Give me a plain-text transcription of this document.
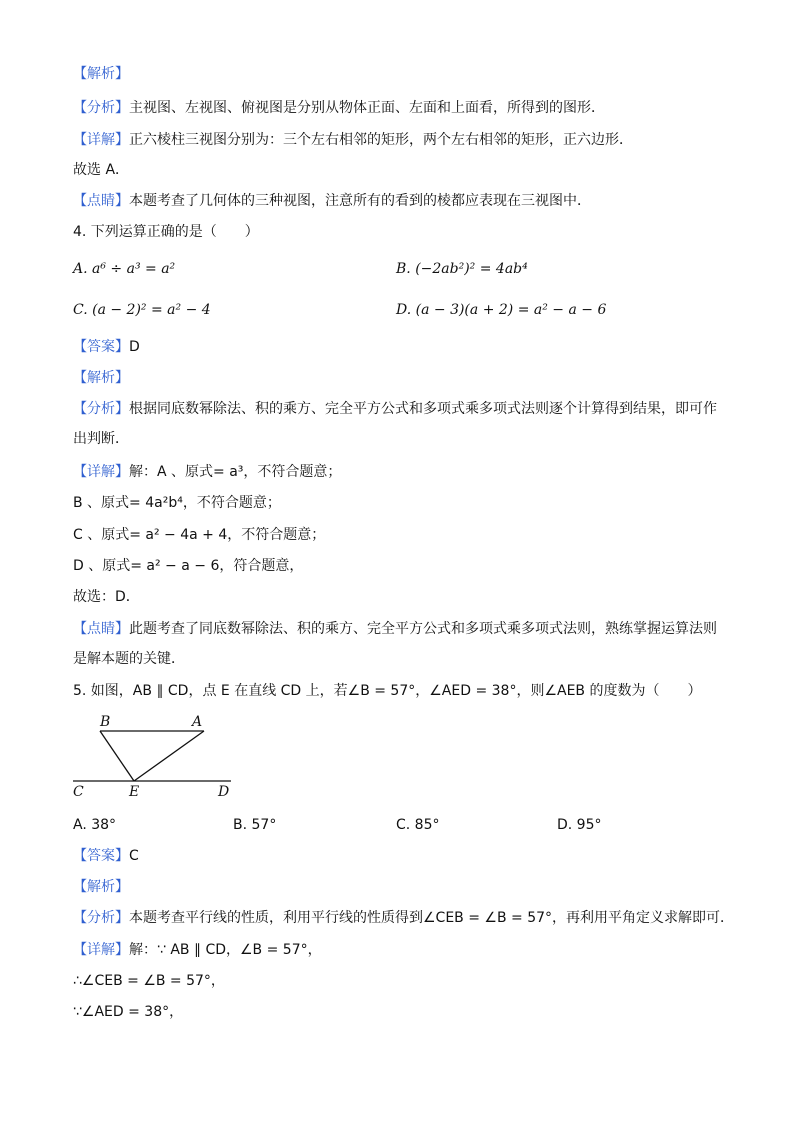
【解析】
【分析】主视图、左视图、俯视图是分别从物体正面、左面和上面看，所得到的图形．
【详解】正六棱柱三视图分别为：三个左右相邻的矩形，两个左右相邻的矩形，正六边形．
故选 A．
【点睛】本题考查了几何体的三种视图，注意所有的看到的棱都应表现在三视图中．
4. 下列运算正确的是（　　）
A. a⁶ ÷ a³ = a²	B. (−2ab²)² = 4ab⁴
C. (a − 2)² = a² − 4	D. (a − 3)(a + 2) = a² − a − 6
【答案】D
【解析】
【分析】根据同底数幂除法、积的乘方、完全平方公式和多项式乘多项式法则逐个计算得到结果，即可作
出判断．
【详解】解：A 、原式= a³，不符合题意；
B 、原式= 4a²b⁴，不符合题意；
C 、原式= a² − 4a + 4，不符合题意；
D 、原式= a² − a − 6，符合题意，
故选：D．
【点睛】此题考查了同底数幂除法、积的乘方、完全平方公式和多项式乘多项式法则，熟练掌握运算法则
是解本题的关键．
5. 如图，AB ∥ CD，点 E 在直线 CD 上，若∠B = 57°，∠AED = 38°，则∠AEB 的度数为（　　）
B	A
C	E	D
A. 38°	B. 57°	C. 85°	D. 95°
【答案】C
【解析】
【分析】本题考查平行线的性质，利用平行线的性质得到∠CEB = ∠B = 57°，再利用平角定义求解即可．
【详解】解：∵ AB ∥ CD，∠B = 57°，
∴∠CEB = ∠B = 57°，
∵∠AED = 38°，
